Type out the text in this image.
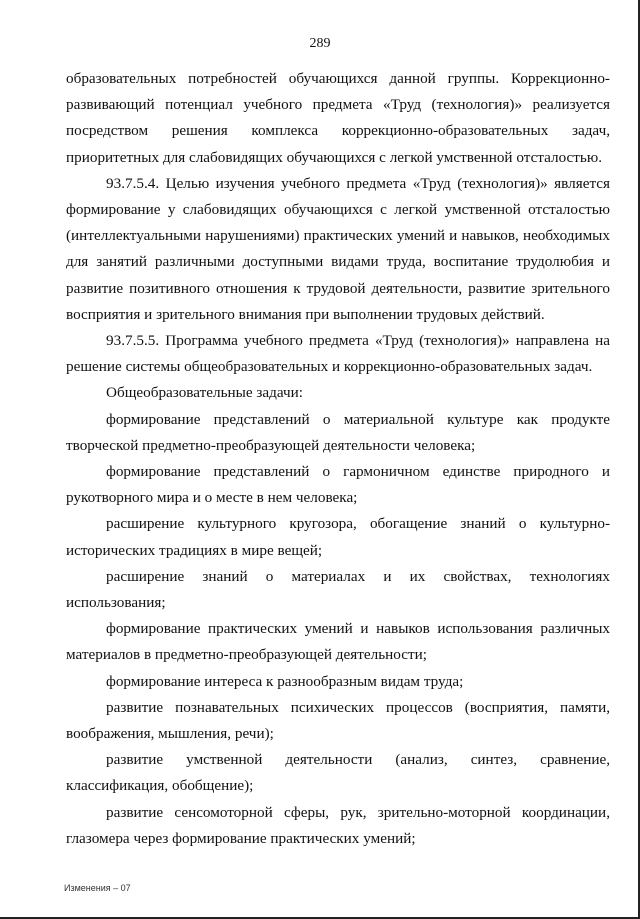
289

образовательных потребностей обучающихся данной группы. Коррекционно-развивающий потенциал учебного предмета «Труд (технология)» реализуется посредством решения комплекса коррекционно-образовательных задач, приоритетных для слабовидящих обучающихся с легкой умственной отсталостью.

93.7.5.4. Целью изучения учебного предмета «Труд (технология)» является формирование у слабовидящих обучающихся с легкой умственной отсталостью (интеллектуальными нарушениями) практических умений и навыков, необходимых для занятий различными доступными видами труда, воспитание трудолюбия и развитие позитивного отношения к трудовой деятельности, развитие зрительного восприятия и зрительного внимания при выполнении трудовых действий.

93.7.5.5. Программа учебного предмета «Труд (технология)» направлена на решение системы общеобразовательных и коррекционно-образовательных задач.

Общеобразовательные задачи:

формирование представлений о материальной культуре как продукте творческой предметно-преобразующей деятельности человека;

формирование представлений о гармоничном единстве природного и рукотворного мира и о месте в нем человека;

расширение культурного кругозора, обогащение знаний о культурно-исторических традициях в мире вещей;

расширение знаний о материалах и их свойствах, технологиях использования;

формирование практических умений и навыков использования различных материалов в предметно-преобразующей деятельности;

формирование интереса к разнообразным видам труда;

развитие познавательных психических процессов (восприятия, памяти, воображения, мышления, речи);

развитие умственной деятельности (анализ, синтез, сравнение, классификация, обобщение);

развитие сенсомоторной сферы, рук, зрительно-моторной координации, глазомера через формирование практических умений;

Изменения – 07
